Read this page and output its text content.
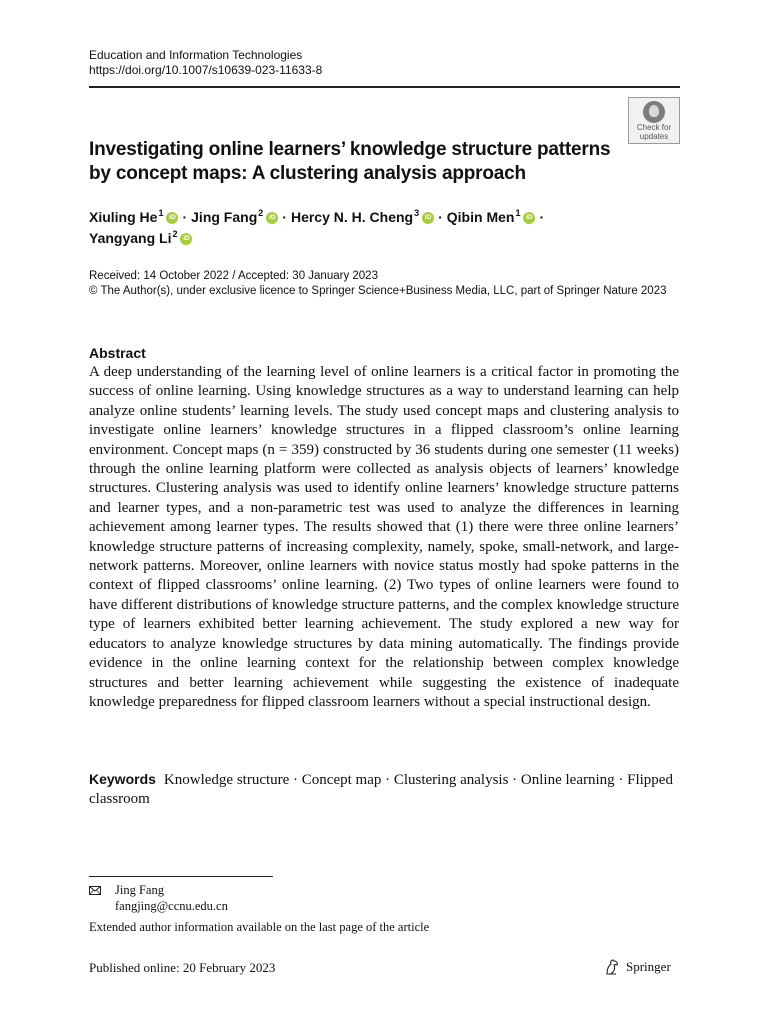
Education and Information Technologies
https://doi.org/10.1007/s10639-023-11633-8
Check for
updates
Investigating online learners’ knowledge structure patterns by concept maps: A clustering analysis approach
Xiuling He$^1$ iD · Jing Fang$^2$ iD · Hercy N. H. Cheng$^3$ iD · Qibin Men$^1$ iD ·
Yangyang Li$^2$ iD
Received: 14 October 2022 / Accepted: 30 January 2023
© The Author(s), under exclusive licence to Springer Science+Business Media, LLC, part of Springer Nature 2023
Abstract

A deep understanding of the learning level of online learners is a critical factor in promoting the success of online learning. Using knowledge structures as a way to understand learning can help analyze online students’ learning levels. The study used concept maps and clustering analysis to investigate online learners’ knowledge structures in a flipped classroom’s online learning environment. Concept maps (n = 359) constructed by 36 students during one semester (11 weeks) through the online learning platform were collected as analysis objects of learners’ knowledge structures. Clustering analysis was used to identify online learners’ knowledge structure patterns and learner types, and a non-parametric test was used to analyze the differences in learning achievement among learner types. The results showed that (1) there were three online learners’ knowledge structure patterns of increasing complexity, namely, spoke, small-network, and large-network patterns. Moreover, online learners with novice status mostly had spoke patterns in the context of flipped classrooms’ online learning. (2) Two types of online learners were found to have different distributions of knowledge structure patterns, and the complex knowledge structure type of learners exhibited better learning achievement. The study explored a new way for educators to analyze knowledge structures by data mining automatically. The findings provide evidence in the online learning context for the relationship between complex knowledge structures and better learning achievement while suggesting the existence of inadequate knowledge preparedness for flipped classroom learners without a special instructional design.

Keywords Knowledge structure · Concept map · Clustering analysis · Online learning · Flipped classroom
Jing Fang
fangjing@ccnu.edu.cn
Extended author information available on the last page of the article
Published online: 20 February 2023	Springer
